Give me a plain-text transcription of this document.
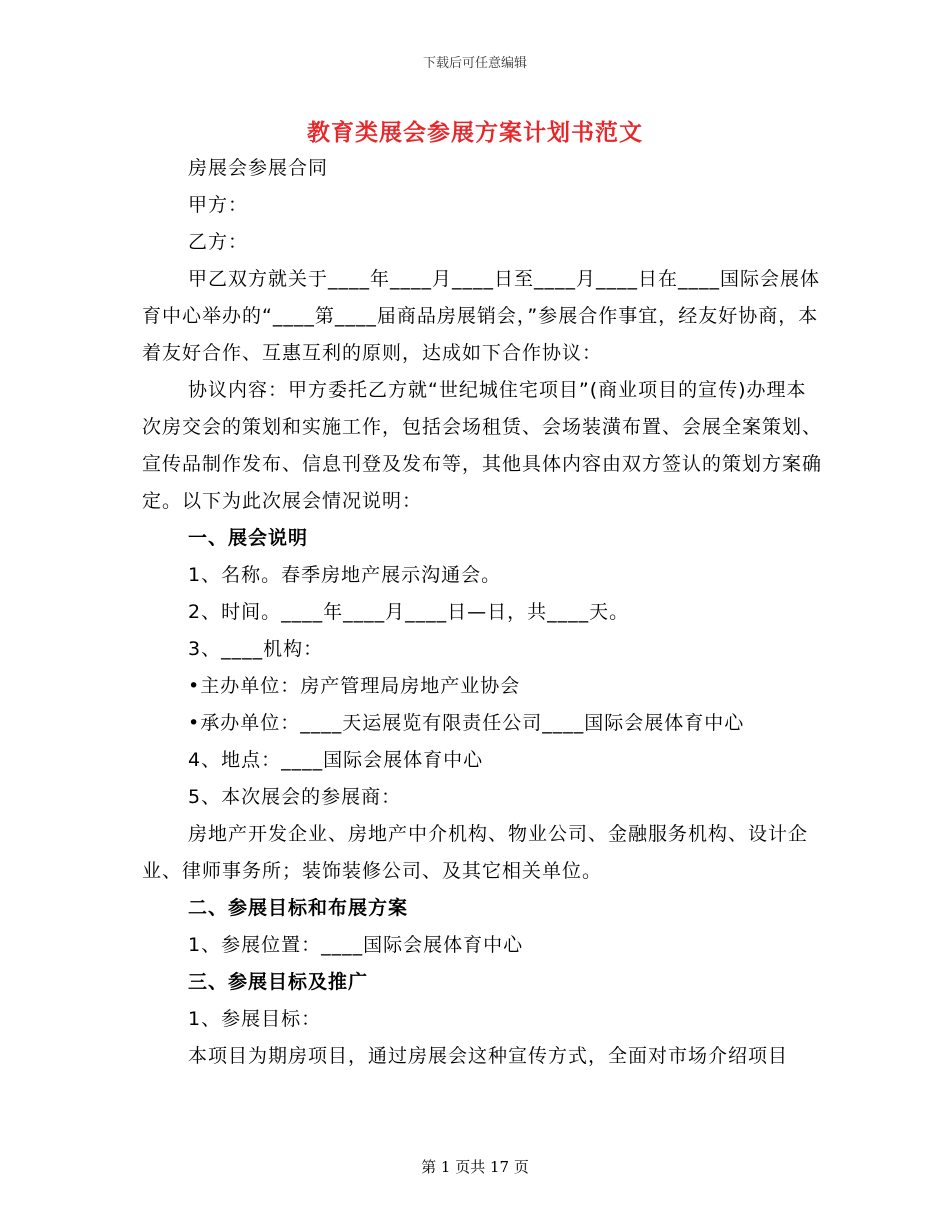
下载后可任意编辑
教育类展会参展方案计划书范文

房展会参展合同

甲方：

乙方：

甲乙双方就关于____年____月____日至____月____日在____国际会展体育中心举办的“____第____届商品房展销会，”参展合作事宜，经友好协商，本着友好合作、互惠互利的原则，达成如下合作协议：

协议内容：甲方委托乙方就“世纪城住宅项目”(商业项目的宣传)办理本次房交会的策划和实施工作，包括会场租赁、会场装潢布置、会展全案策划、宣传品制作发布、信息刊登及发布等，其他具体内容由双方签认的策划方案确定。以下为此次展会情况说明：

一、展会说明

1、名称。春季房地产展示沟通会。

2、时间。____年____月____日—日，共____天。

3、____机构：

•主办单位：房产管理局房地产业协会

•承办单位：____天运展览有限责任公司____国际会展体育中心

4、地点：____国际会展体育中心

5、本次展会的参展商：

房地产开发企业、房地产中介机构、物业公司、金融服务机构、设计企业、律师事务所；装饰装修公司、及其它相关单位。

二、参展目标和布展方案

1、参展位置：____国际会展体育中心

三、参展目标及推广

1、参展目标：

本项目为期房项目，通过房展会这种宣传方式，全面对市场介绍项目

第 1 页共 17 页
